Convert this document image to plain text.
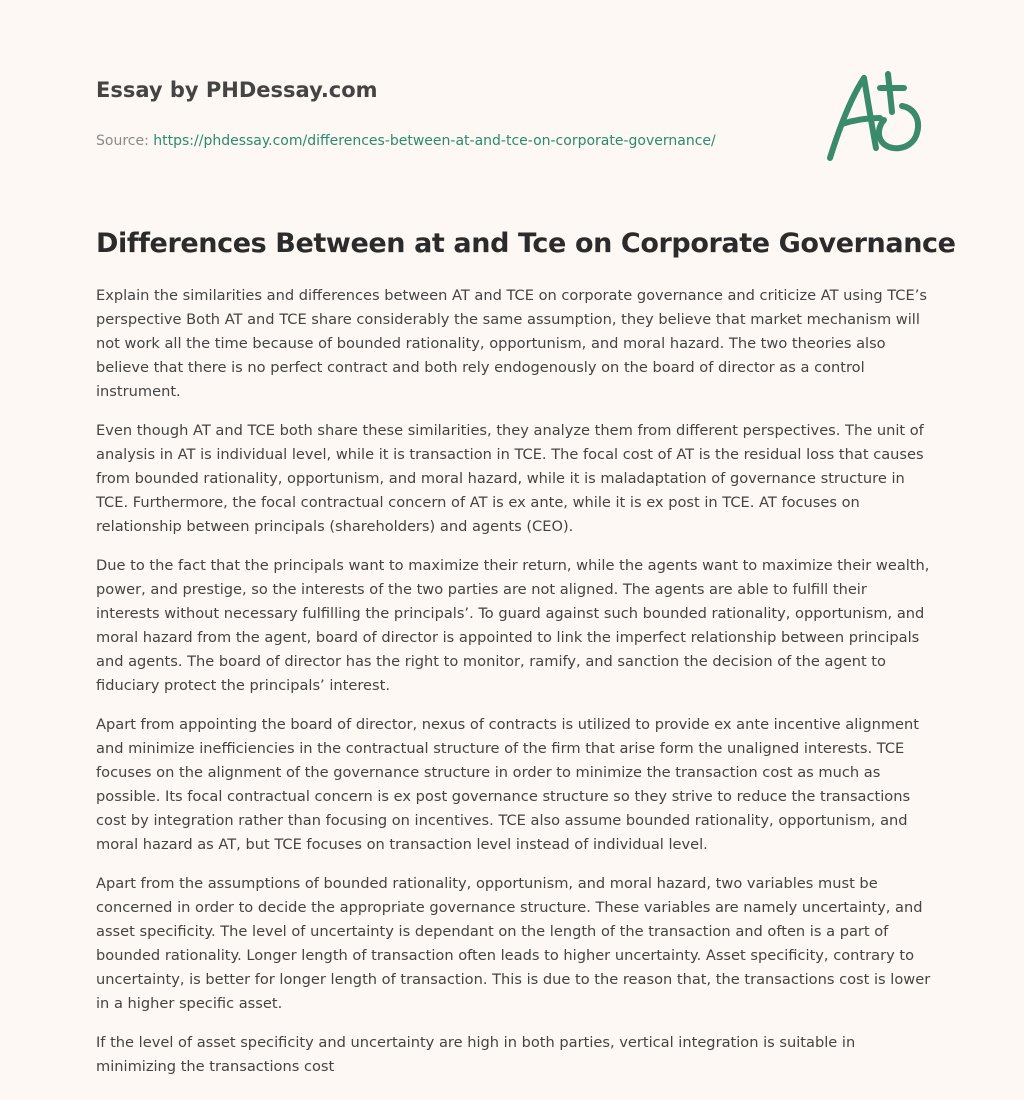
Essay by PHDessay.com
Source: https://phdessay.com/differences-between-at-and-tce-on-corporate-governance/
Differences Between at and Tce on Corporate Governance

Explain the similarities and differences between AT and TCE on corporate governance and criticize AT using TCE’s perspective Both AT and TCE share considerably the same assumption, they believe that market mechanism will not work all the time because of bounded rationality, opportunism, and moral hazard. The two theories also believe that there is no perfect contract and both rely endogenously on the board of director as a control instrument.

Even though AT and TCE both share these similarities, they analyze them from different perspectives. The unit of analysis in AT is individual level, while it is transaction in TCE. The focal cost of AT is the residual loss that causes from bounded rationality, opportunism, and moral hazard, while it is maladaptation of governance structure in TCE. Furthermore, the focal contractual concern of AT is ex ante, while it is ex post in TCE. AT focuses on relationship between principals (shareholders) and agents (CEO).

Due to the fact that the principals want to maximize their return, while the agents want to maximize their wealth, power, and prestige, so the interests of the two parties are not aligned. The agents are able to fulfill their interests without necessary fulfilling the principals’. To guard against such bounded rationality, opportunism, and moral hazard from the agent, board of director is appointed to link the imperfect relationship between principals and agents. The board of director has the right to monitor, ramify, and sanction the decision of the agent to fiduciary protect the principals’ interest.

Apart from appointing the board of director, nexus of contracts is utilized to provide ex ante incentive alignment and minimize inefficiencies in the contractual structure of the firm that arise form the unaligned interests. TCE focuses on the alignment of the governance structure in order to minimize the transaction cost as much as possible. Its focal contractual concern is ex post governance structure so they strive to reduce the transactions cost by integration rather than focusing on incentives. TCE also assume bounded rationality, opportunism, and moral hazard as AT, but TCE focuses on transaction level instead of individual level.

Apart from the assumptions of bounded rationality, opportunism, and moral hazard, two variables must be concerned in order to decide the appropriate governance structure. These variables are namely uncertainty, and asset specificity. The level of uncertainty is dependant on the length of the transaction and often is a part of bounded rationality. Longer length of transaction often leads to higher uncertainty. Asset specificity, contrary to uncertainty, is better for longer length of transaction. This is due to the reason that, the transactions cost is lower in a higher specific asset.

If the level of asset specificity and uncertainty are high in both parties, vertical integration is suitable in minimizing the transactions cost
